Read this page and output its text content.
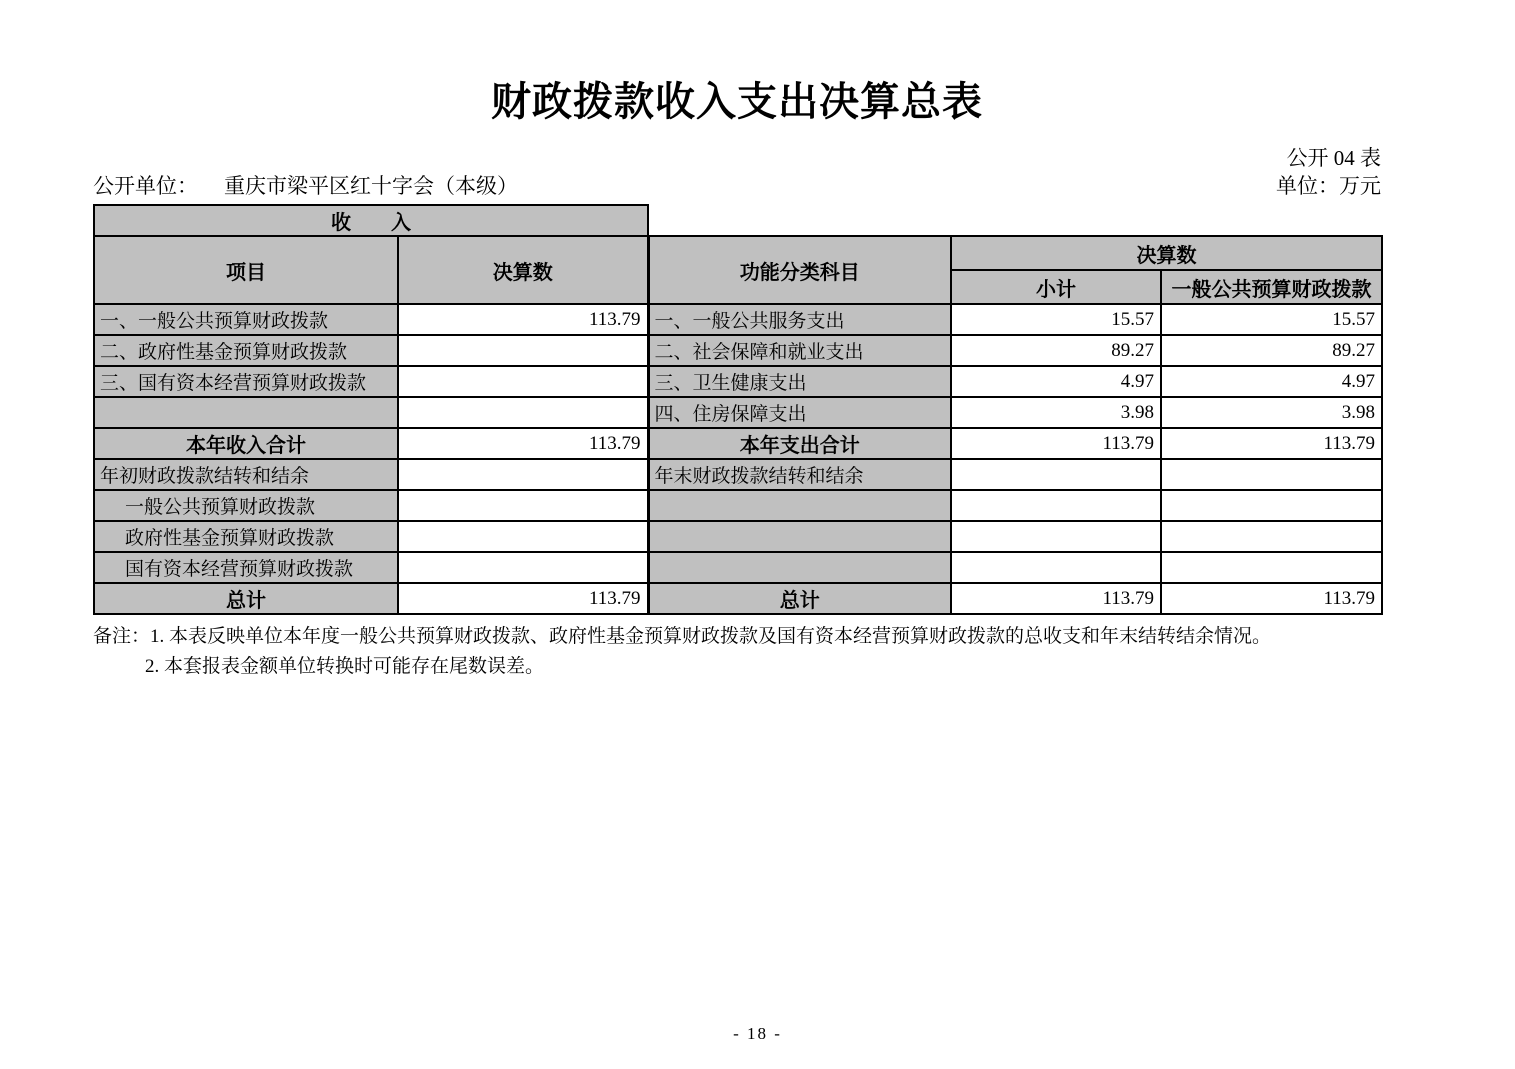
财政拨款收入支出决算总表
公开 04 表
公开单位： 重庆市梁平区红十字会（本级）	单位：万元
收　　入				
项目	决算数	功能分类科目	决算数	
			小计	一般公共预算财政拨款
一、一般公共预算财政拨款	113.79	一、一般公共服务支出	15.57	15.57
二、政府性基金预算财政拨款		二、社会保障和就业支出	89.27	89.27
三、国有资本经营预算财政拨款		三、卫生健康支出	4.97	4.97
		四、住房保障支出	3.98	3.98
本年收入合计	113.79	本年支出合计	113.79	113.79
年初财政拨款结转和结余		年末财政拨款结转和结余		
一般公共预算财政拨款				
政府性基金预算财政拨款				
国有资本经营预算财政拨款				
总计	113.79	总计	113.79	113.79
备注：1. 本表反映单位本年度一般公共预算财政拨款、政府性基金预算财政拨款及国有资本经营预算财政拨款的总收支和年末结转结余情况。
2. 本套报表金额单位转换时可能存在尾数误差。
- 18 -
